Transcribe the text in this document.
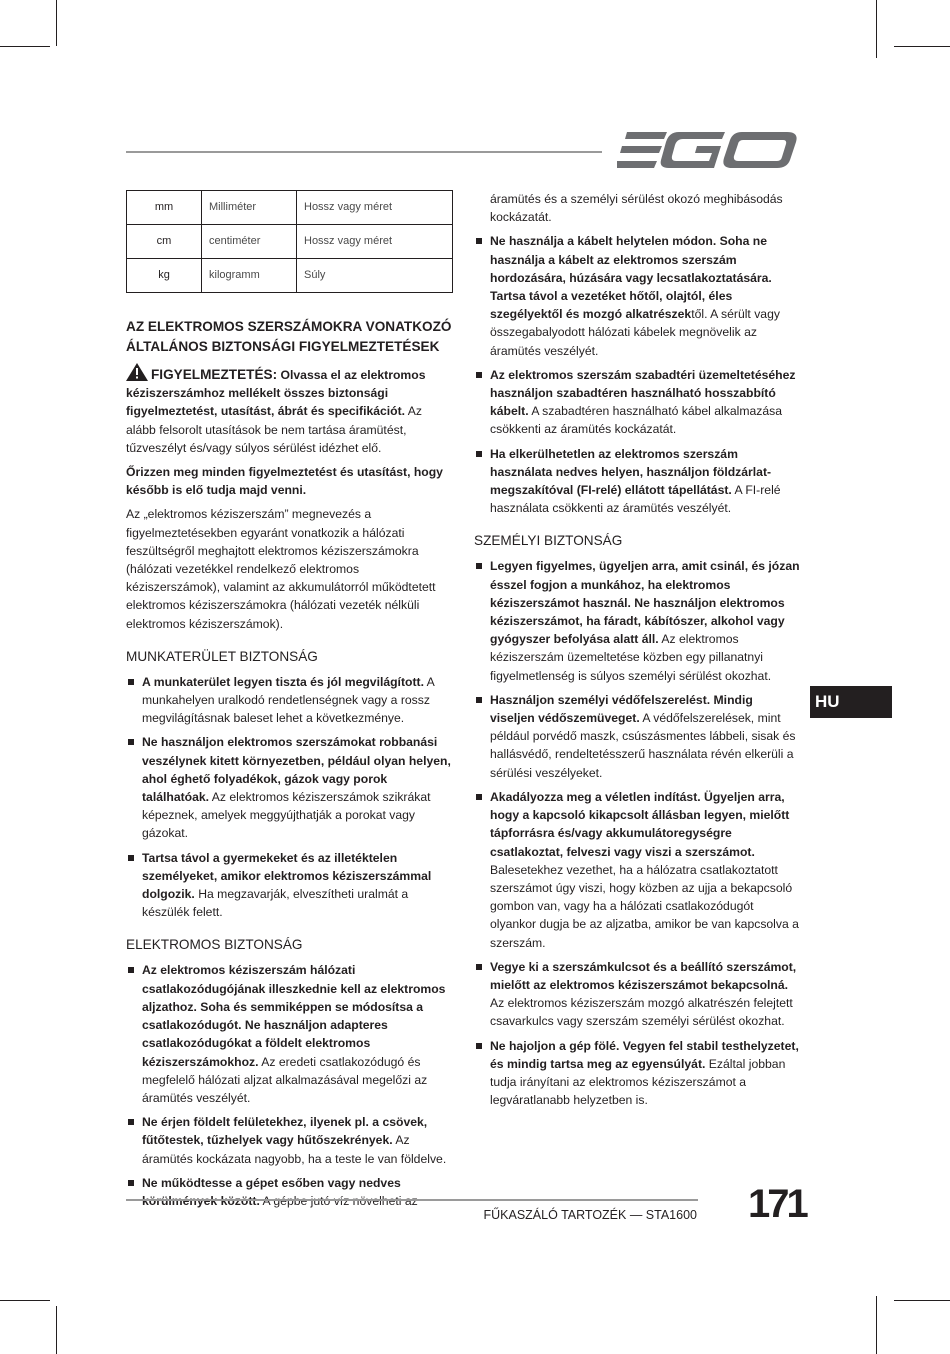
mm	Milliméter	Hossz vagy méret
cm	centiméter	Hossz vagy méret
kg	kilogramm	Súly
AZ ELEKTROMOS SZERSZÁMOKRA VONATKOZÓ ÁLTALÁNOS BIZTONSÁGI FIGYELMEZTETÉSEK

FIGYELMEZTETÉS: Olvassa el az elektromos kéziszerszámhoz mellékelt összes biztonsági figyelmeztetést, utasítást, ábrát és specifikációt. Az alább felsorolt utasítások be nem tartása áramütést, tűzveszélyt és/vagy súlyos sérülést idézhet elő.

Őrizzen meg minden figyelmeztetést és utasítást, hogy később is elő tudja majd venni.

Az „elektromos kéziszerszám” megnevezés a figyelmeztetésekben egyaránt vonatkozik a hálózati feszültségről meghajtott elektromos kéziszerszámokra (hálózati vezetékkel rendelkező elektromos kéziszerszámok), valamint az akkumulátorról működtetett elektromos kéziszerszámokra (hálózati vezeték nélküli elektromos kéziszerszámok).

MUNKATERÜLET BIZTONSÁG
A munkaterület legyen tiszta és jól megvilágított. A munkahelyen uralkodó rendetlenségnek vagy a rossz megvilágításnak baleset lehet a következménye.
Ne használjon elektromos szerszámokat robbanási veszélynek kitett környezetben, például olyan helyen, ahol éghető folyadékok, gázok vagy porok találhatóak. Az elektromos kéziszerszámok szikrákat képeznek, amelyek meggyújthatják a porokat vagy gázokat.
Tartsa távol a gyermekeket és az illetéktelen személyeket, amikor elektromos kéziszerszámmal dolgozik. Ha megzavarják, elveszítheti uralmát a készülék felett.
ELEKTROMOS BIZTONSÁG
Az elektromos kéziszerszám hálózati csatlakozódugójának illeszkednie kell az elektromos aljzathoz. Soha és semmiképpen se módosítsa a csatlakozódugót. Ne használjon adapteres csatlakozódugókat a földelt elektromos kéziszerszámokhoz. Az eredeti csatlakozódugó és megfelelő hálózati aljzat alkalmazásával megelőzi az áramütés veszélyét.
Ne érjen földelt felületekhez, ilyenek pl. a csövek, fűtőtestek, tűzhelyek vagy hűtőszekrények. Az áramütés kockázata nagyobb, ha a teste le van földelve.
Ne működtesse a gépet esőben vagy nedves

áramütés és a személyi sérülést okozó meghibásodás kockázatát.

Ne használja a kábelt helytelen módon. Soha ne használja a kábelt az elektromos szerszám hordozására, húzására vagy lecsatlakoztatására. Tartsa távol a vezetéket hőtől, olajtól, éles szegélyektől és mozgó alkatrészektől. A sérült vagy összegabalyodott hálózati kábelek megnövelik az áramütés veszélyét.
Az elektromos szerszám szabadtéri üzemeltetéséhez használjon szabadtéren használható hosszabbító kábelt. A szabadtéren használható kábel alkalmazása csökkenti az áramütés kockázatát.
Ha elkerülhetetlen az elektromos szerszám használata nedves helyen, használjon földzárlat-megszakítóval (FI-relé) ellátott tápellátást. A FI-relé használata csökkenti az áramütés veszélyét.
SZEMÉLYI BIZTONSÁG
Legyen figyelmes, ügyeljen arra, amit csinál, és józan ésszel fogjon a munkához, ha elektromos kéziszerszámot használ. Ne használjon elektromos kéziszerszámot, ha fáradt, kábítószer, alkohol vagy gyógyszer befolyása alatt áll. Az elektromos kéziszerszám üzemeltetése közben egy pillanatnyi figyelmetlenség is súlyos személyi sérülést okozhat.
Használjon személyi védőfelszerelést. Mindig viseljen védőszemüveget. A védőfelszerelések, mint például porvédő maszk, csúszásmentes lábbeli, sisak és hallásvédő, rendeltetésszerű használata révén elkerüli a sérülési veszélyeket.
Akadályozza meg a véletlen indítást. Ügyeljen arra, hogy a kapcsoló kikapcsolt állásban legyen, mielőtt tápforrásra és/vagy akkumulátoregységre csatlakoztat, felveszi vagy viszi a szerszámot. Balesetekhez vezethet, ha a hálózatra csatlakoztatott szerszámot úgy viszi, hogy közben az ujja a bekapcsoló gombon van, vagy ha a hálózati csatlakozódugót olyankor dugja be az aljzatba, amikor be van kapcsolva a szerszám.
Vegye ki a szerszámkulcsot és a beállító szerszámot, mielőtt az elektromos kéziszerszámot bekapcsolná. Az elektromos kéziszerszám mozgó alkatrészén felejtett csavarkulcs vagy szerszám személyi sérülést okozhat.
Ne hajoljon a gép fölé. Vegyen fel stabil testhelyzetet, és mindig tartsa meg az egyensúlyát. Ezáltal jobban tudja irányítani az elektromos kéziszerszámot a legváratlanabb helyzetben is.
HU
FŰKASZÁLÓ TARTOZÉK — STA1600 171
